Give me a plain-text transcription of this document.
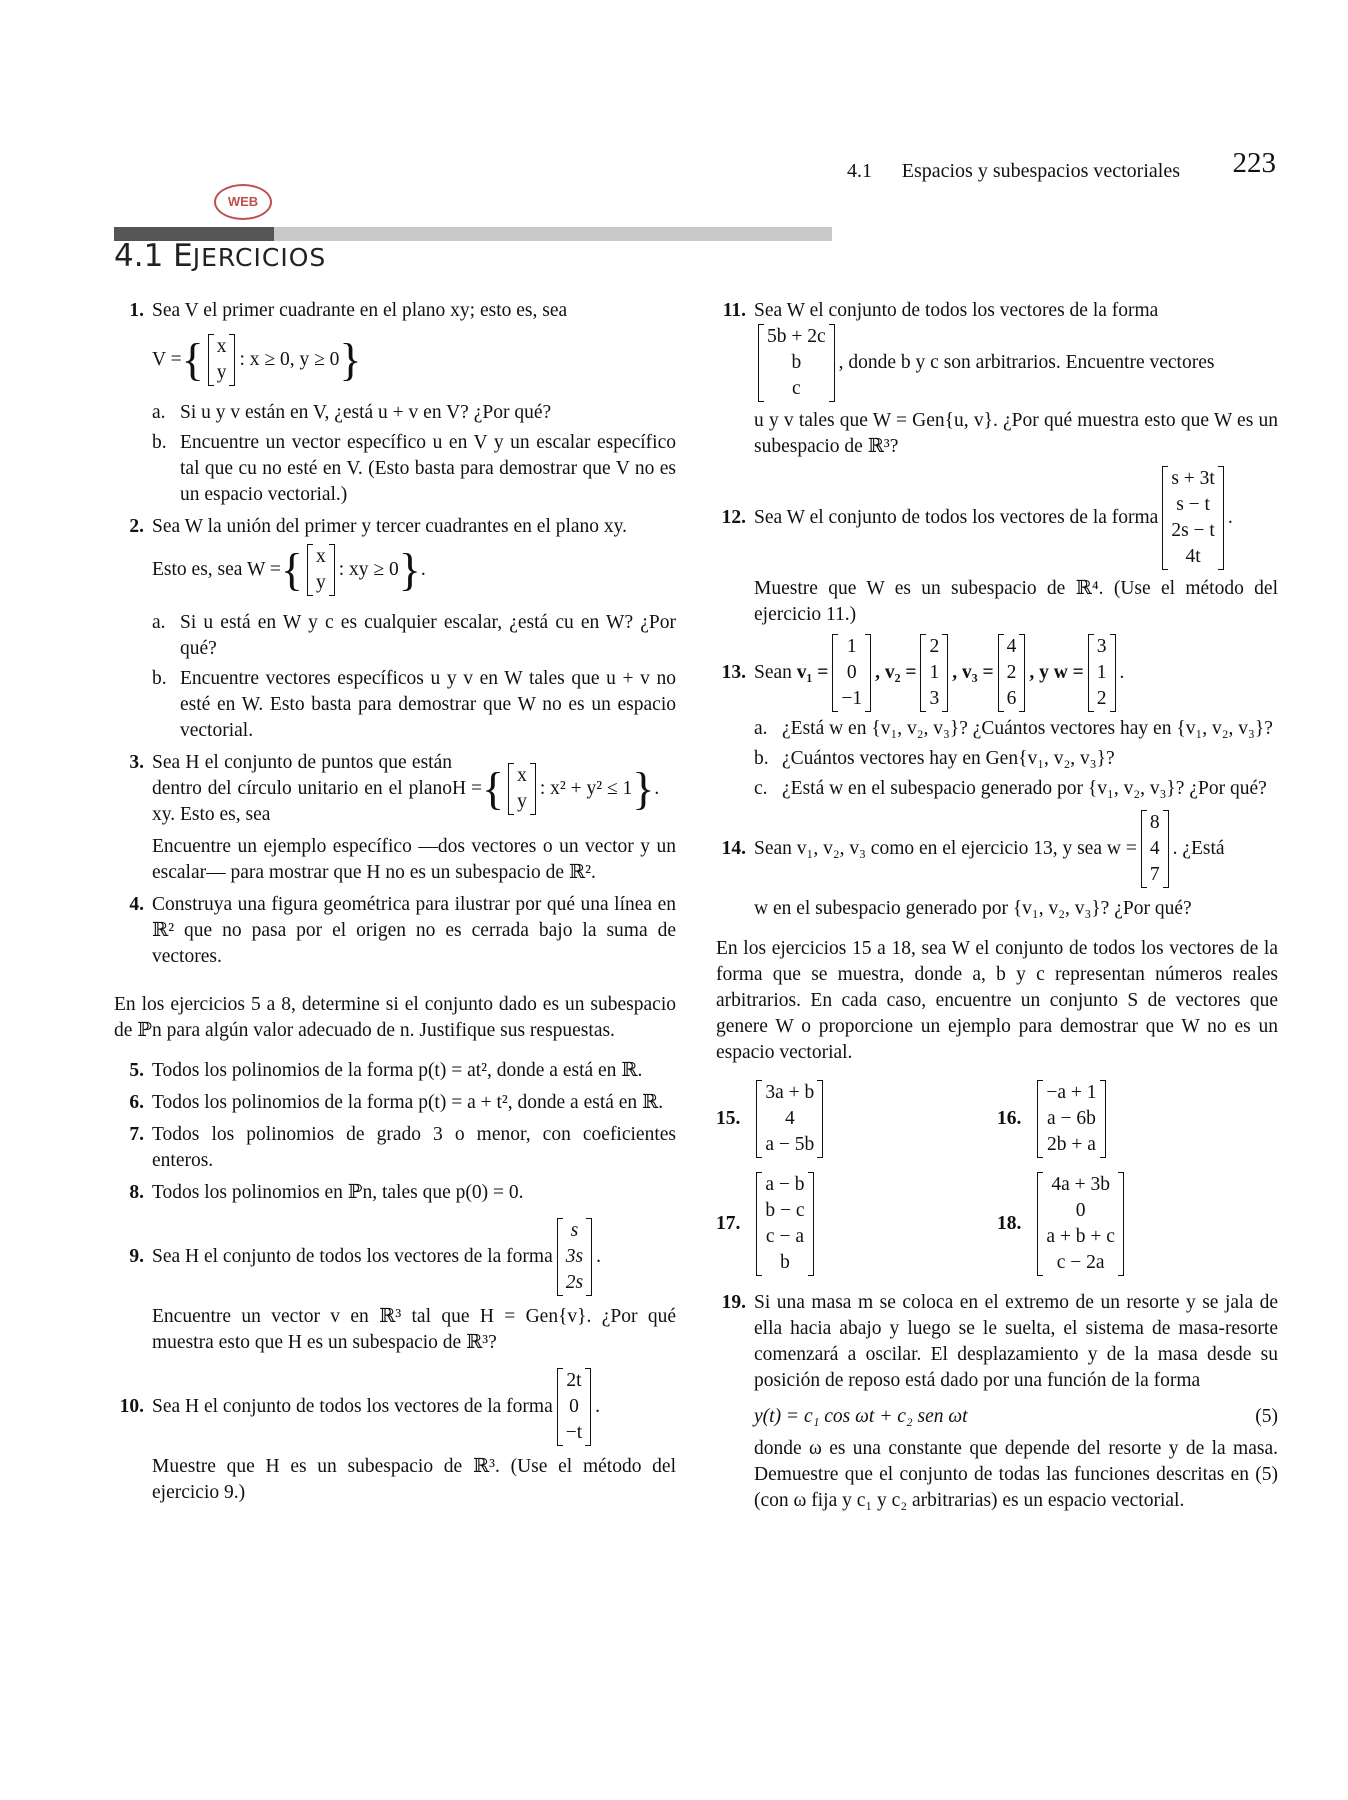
4.1 Espacios y subespacios vectoriales 223
WEB
4.1 EJERCICIOS
1. Sea V el primer cuadrante en el plano xy; esto es, sea
V = { x
y
: x ≥ 0, y ≥ 0 }
a. Si u y v están en V, ¿está u + v en V? ¿Por qué?
b. Encuentre un vector específico u en V y un escalar específico tal que cu no esté en V. (Esto basta para demostrar que V no es un espacio vectorial.)
2. Sea W la unión del primer y tercer cuadrantes en el plano xy.
Esto es, sea W = { x
y
: xy ≥ 0 } .
a. Si u está en W y c es cualquier escalar, ¿está cu en W? ¿Por qué?
b. Encuentre vectores específicos u y v en W tales que u + v no esté en W. Esto basta para demostrar que W no es un espacio vectorial.
3. Sea H el conjunto de puntos que están dentro del círculo unitario en el plano xy. Esto es, sea
H = { x
y
: x² + y² ≤ 1 } .
Encuentre un ejemplo específico —dos vectores o un vector y un escalar— para mostrar que H no es un subespacio de ℝ².
4. Construya una figura geométrica para ilustrar por qué una línea en ℝ² que no pasa por el origen no es cerrada bajo la suma de vectores.
En los ejercicios 5 a 8, determine si el conjunto dado es un subespacio de ℙn para algún valor adecuado de n. Justifique sus respuestas.
5. Todos los polinomios de la forma p(t) = at², donde a está en ℝ.
6. Todos los polinomios de la forma p(t) = a + t², donde a está en ℝ.
7. Todos los polinomios de grado 3 o menor, con coeficientes enteros.
8. Todos los polinomios en ℙn, tales que p(0) = 0.
9. Sea H el conjunto de todos los vectores de la forma
s
3s
2s
.
Encuentre un vector v en ℝ³ tal que H = Gen{v}. ¿Por qué muestra esto que H es un subespacio de ℝ³?
10. Sea H el conjunto de todos los vectores de la forma
2t
0
−t
.
Muestre que H es un subespacio de ℝ³. (Use el método del ejercicio 9.)
11. Sea W el conjunto de todos los vectores de la forma
5b + 2c
b
c
, donde b y c son arbitrarios. Encuentre vectores
u y v tales que W = Gen{u, v}. ¿Por qué muestra esto que W es un subespacio de ℝ³?
12. Sea W el conjunto de todos los vectores de la forma
s + 3t
s − t
2s − t
4t
.
Muestre que W es un subespacio de ℝ⁴. (Use el método del ejercicio 11.)
13. Sean
v₁ =
1
0
−1
, v₂ =
2
1
3
, v₃ =
4
2
6
, y w =
3
1
2
.
a. ¿Está w en {v₁, v₂, v₃}? ¿Cuántos vectores hay en {v₁, v₂, v₃}?
b. ¿Cuántos vectores hay en Gen{v₁, v₂, v₃}?
c. ¿Está w en el subespacio generado por {v₁, v₂, v₃}? ¿Por qué?
14. Sean v₁, v₂, v₃ como en el ejercicio 13, y sea w =
8
4
7
. ¿Está
w en el subespacio generado por {v₁, v₂, v₃}? ¿Por qué?
En los ejercicios 15 a 18, sea W el conjunto de todos los vectores de la forma que se muestra, donde a, b y c representan números reales arbitrarios. En cada caso, encuentre un conjunto S de vectores que genere W o proporcione un ejemplo para demostrar que W no es un espacio vectorial.
15.
3a + b
4
a − 5b
16.
−a + 1
a − 6b
2b + a
17.
a − b
b − c
c − a
b
18.
4a + 3b
0
a + b + c
c − 2a
19. Si una masa m se coloca en el extremo de un resorte y se jala de ella hacia abajo y luego se le suelta, el sistema de masa-resorte comenzará a oscilar. El desplazamiento y de la masa desde su posición de reposo está dado por una función de la forma
y(t) = c₁ cos ωt + c₂ sen ωt	(5)
donde ω es una constante que depende del resorte y de la masa. Demuestre que el conjunto de todas las funciones descritas en (5) (con ω fija y c₁ y c₂ arbitrarias) es un espacio vectorial.
